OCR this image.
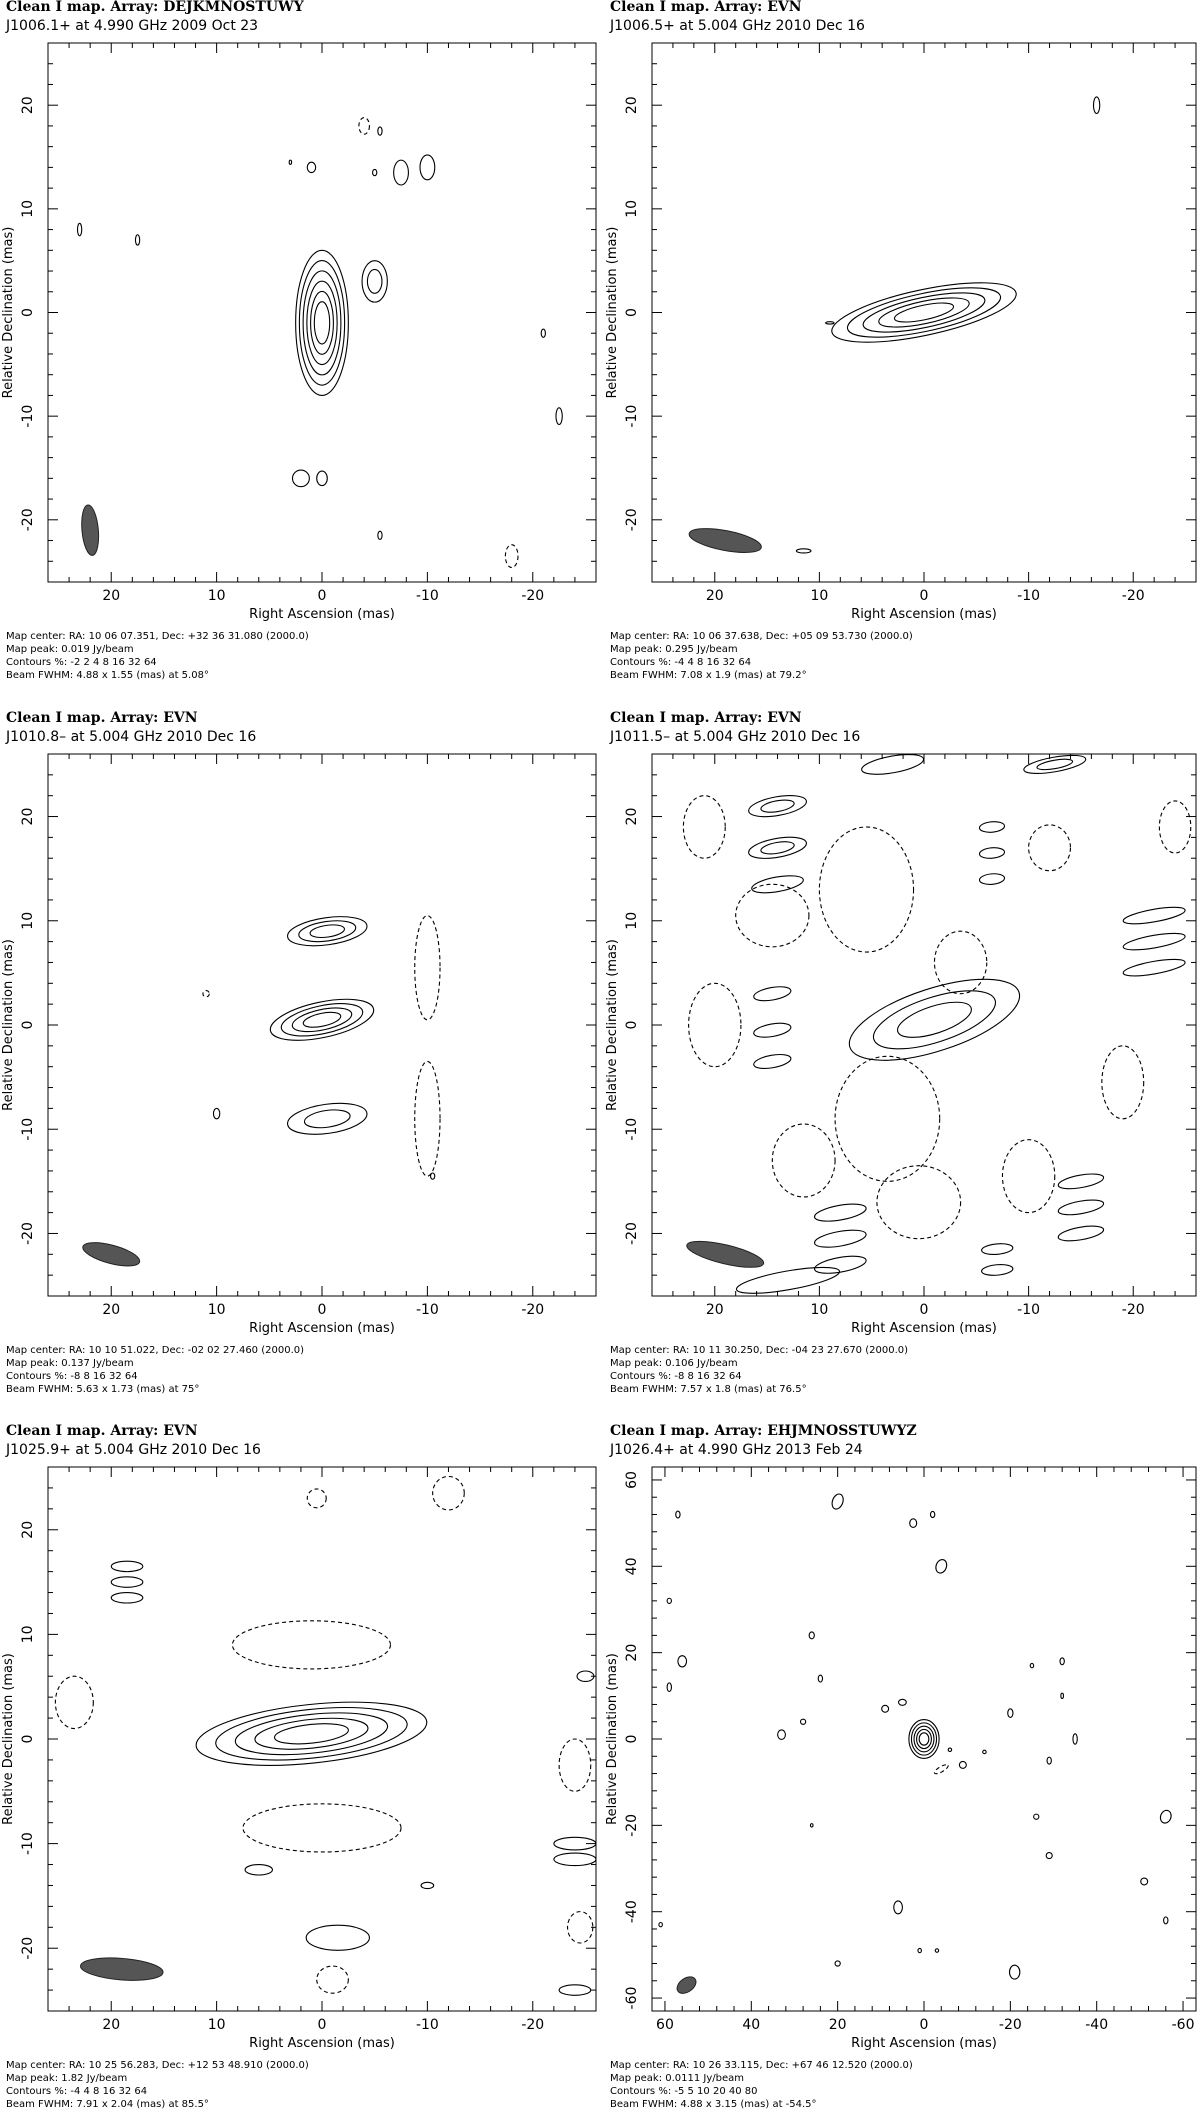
Clean I map. Array: DEJKMNOSTUWY
J1006.1+ at 4.990 GHz 2009 Oct 23
20	10	0	-10	-20
-20
-10
0
10
20
Right Ascension (mas)
Relative Declination (mas)
Map center: RA: 10 06 07.351, Dec: +32 36 31.080 (2000.0)
Map peak: 0.019 Jy/beam
Contours %: -2 2 4 8 16 32 64
Beam FWHM: 4.88 x 1.55 (mas) at 5.08°
Clean I map. Array: EVN
J1006.5+ at 5.004 GHz 2010 Dec 16
20	10	0	-10	-20
-20
-10
0
10
20
Right Ascension (mas)
Relative Declination (mas)
Map center: RA: 10 06 37.638, Dec: +05 09 53.730 (2000.0)
Map peak: 0.295 Jy/beam
Contours %: -4 4 8 16 32 64
Beam FWHM: 7.08 x 1.9 (mas) at 79.2°
Clean I map. Array: EVN
J1010.8– at 5.004 GHz 2010 Dec 16
20	10	0	-10	-20
-20
-10
0
10
20
Right Ascension (mas)
Relative Declination (mas)
Map center: RA: 10 10 51.022, Dec: -02 02 27.460 (2000.0)
Map peak: 0.137 Jy/beam
Contours %: -8 8 16 32 64
Beam FWHM: 5.63 x 1.73 (mas) at 75°
Clean I map. Array: EVN
J1011.5– at 5.004 GHz 2010 Dec 16
20	10	0	-10	-20
-20
-10
0
10
20
Right Ascension (mas)
Relative Declination (mas)
Map center: RA: 10 11 30.250, Dec: -04 23 27.670 (2000.0)
Map peak: 0.106 Jy/beam
Contours %: -8 8 16 32 64
Beam FWHM: 7.57 x 1.8 (mas) at 76.5°
Clean I map. Array: EVN
J1025.9+ at 5.004 GHz 2010 Dec 16
20	10	0	-10	-20
-20
-10
0
10
20
Right Ascension (mas)
Relative Declination (mas)
Map center: RA: 10 25 56.283, Dec: +12 53 48.910 (2000.0)
Map peak: 1.82 Jy/beam
Contours %: -4 4 8 16 32 64
Beam FWHM: 7.91 x 2.04 (mas) at 85.5°
Clean I map. Array: EHJMNOSSTUWYZ
J1026.4+ at 4.990 GHz 2013 Feb 24
60	40	20	0	-20	-40	-60
-60
-40
-20
0
20
40
60
Right Ascension (mas)
Relative Declination (mas)
Map center: RA: 10 26 33.115, Dec: +67 46 12.520 (2000.0)
Map peak: 0.0111 Jy/beam
Contours %: -5 5 10 20 40 80
Beam FWHM: 4.88 x 3.15 (mas) at -54.5°
